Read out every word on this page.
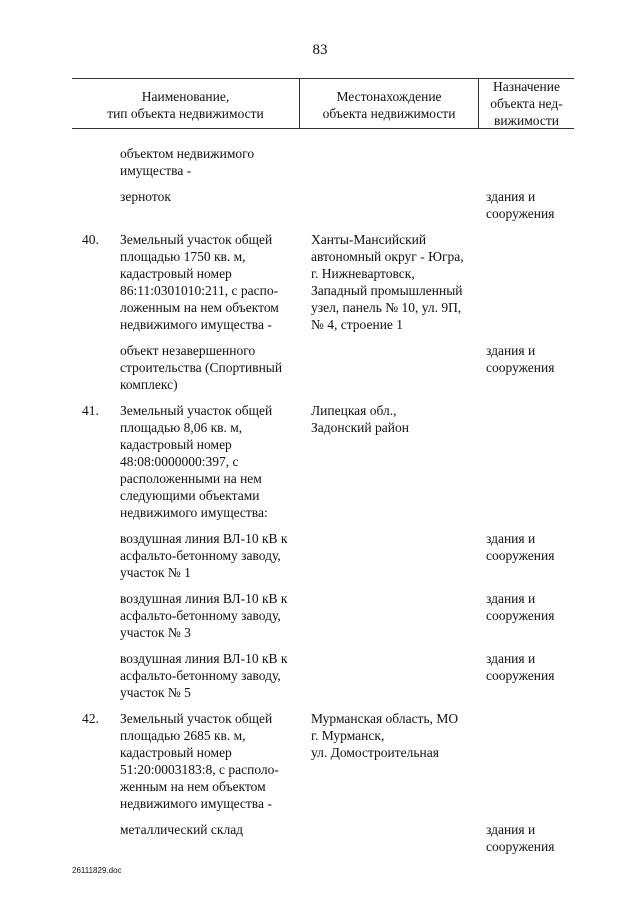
83
Наименование,
тип объекта недвижимости
Местонахождение
объекта недвижимости
Назначение
объекта нед-
вижимости
объектом недвижимого
имущества -
зерноток	здания и
сооружения
40. Земельный участок общей
площадью 1750 кв. м,
кадастровый номер
86:11:0301010:211, с распо-
ложенным на нем объектом
недвижимого имущества -
Ханты-Мансийский
автономный округ - Югра,
г. Нижневартовск,
Западный промышленный
узел, панель № 10, ул. 9П,
№ 4, строение 1
объект незавершенного
строительства (Спортивный
комплекс)
здания и
сооружения
41. Земельный участок общей
площадью 8,06 кв. м,
кадастровый номер
48:08:0000000:397, с
расположенными на нем
следующими объектами
недвижимого имущества:
Липецкая обл.,
Задонский район
воздушная линия ВЛ-10 кВ к
асфальто-бетонному заводу,
участок № 1
здания и
сооружения
воздушная линия ВЛ-10 кВ к
асфальто-бетонному заводу,
участок № 3
здания и
сооружения
воздушная линия ВЛ-10 кВ к
асфальто-бетонному заводу,
участок № 5
здания и
сооружения
42. Земельный участок общей
площадью 2685 кв. м,
кадастровый номер
51:20:0003183:8, с располо-
женным на нем объектом
недвижимого имущества -
Мурманская область, МО
г. Мурманск,
ул. Домостроительная
металлический склад	здания и
сооружения
26111829.doc
